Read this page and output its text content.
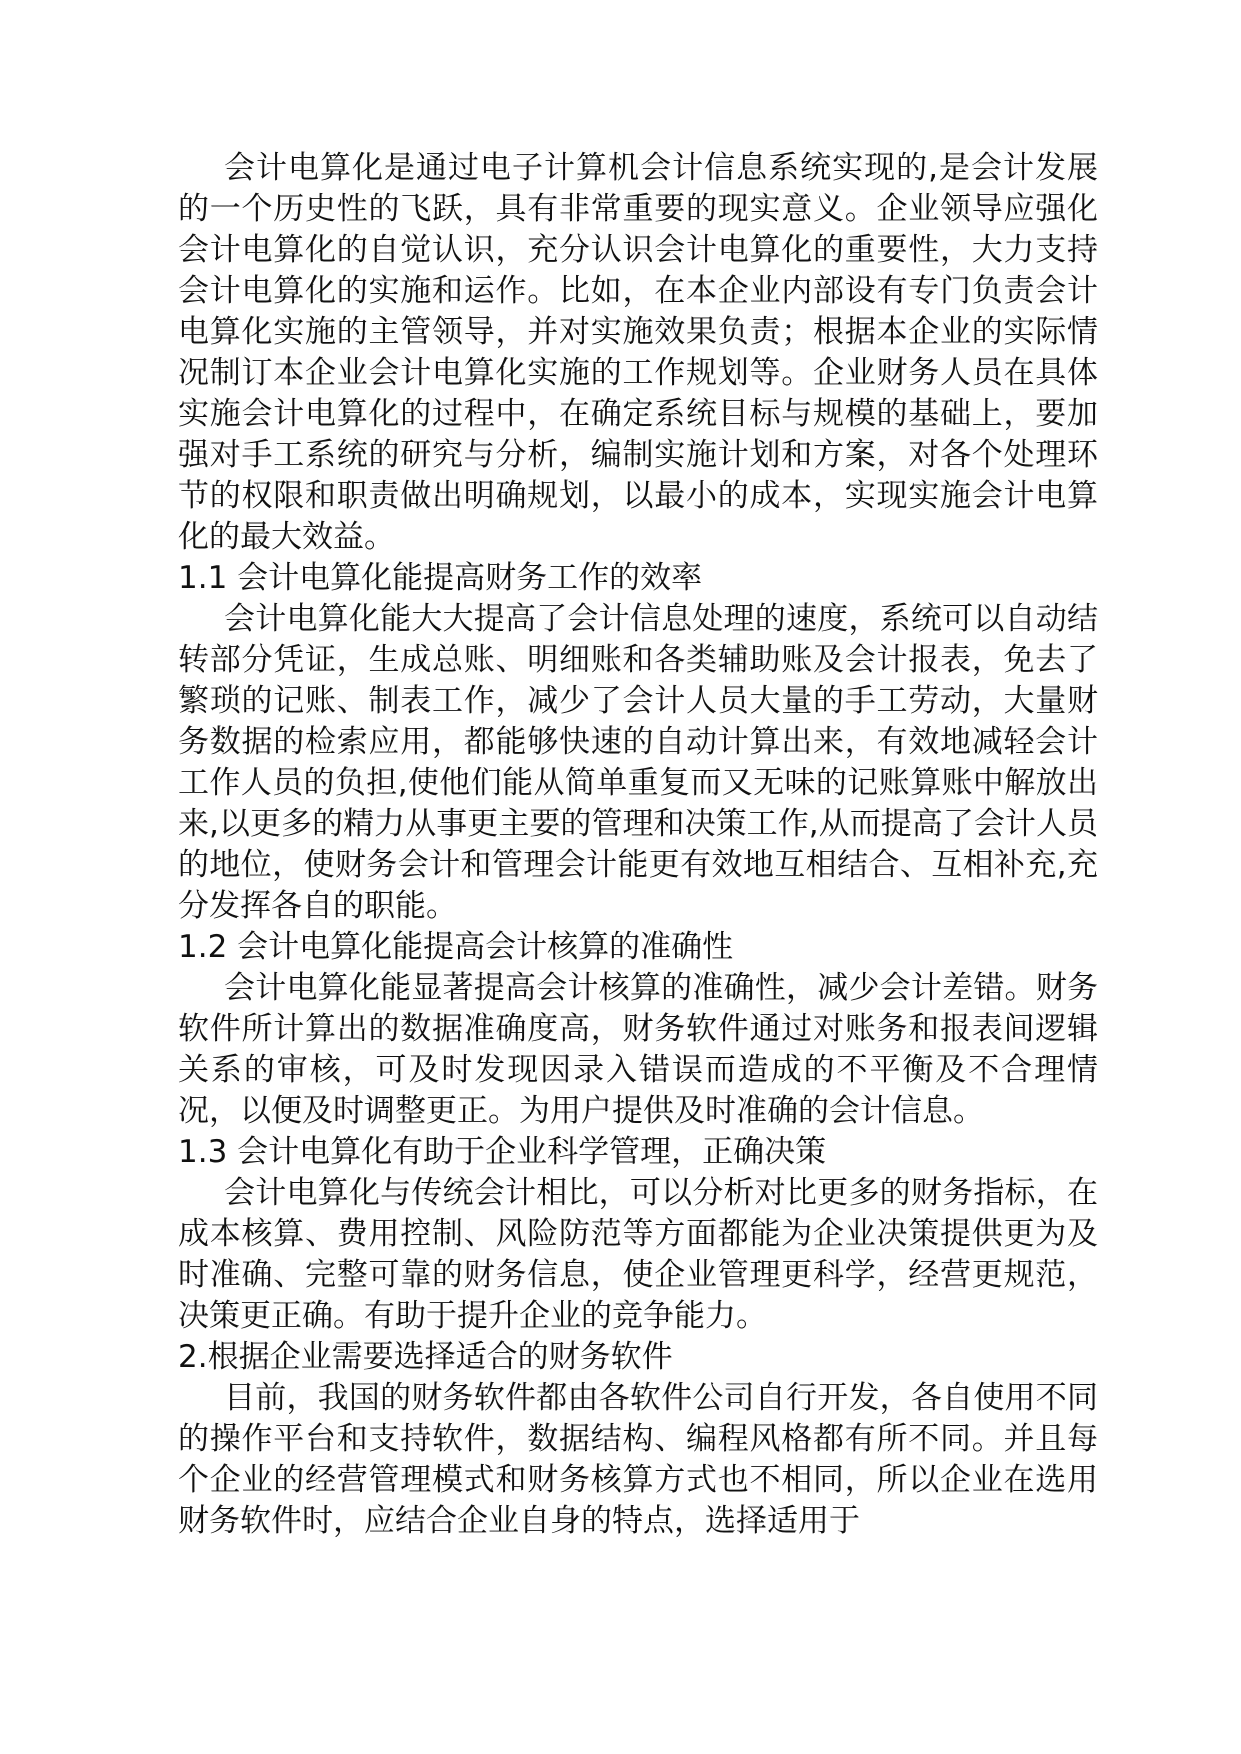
会计电算化是通过电子计算机会计信息系统实现的,是会计发展的一个历史性的飞跃，具有非常重要的现实意义。企业领导应强化会计电算化的自觉认识，充分认识会计电算化的重要性，大力支持会计电算化的实施和运作。比如，在本企业内部设有专门负责会计电算化实施的主管领导，并对实施效果负责；根据本企业的实际情况制订本企业会计电算化实施的工作规划等。企业财务人员在具体实施会计电算化的过程中，在确定系统目标与规模的基础上，要加强对手工系统的研究与分析，编制实施计划和方案，对各个处理环节的权限和职责做出明确规划，以最小的成本，实现实施会计电算化的最大效益。

1.1 会计电算化能提高财务工作的效率

会计电算化能大大提高了会计信息处理的速度，系统可以自动结转部分凭证，生成总账、明细账和各类辅助账及会计报表，免去了繁琐的记账、制表工作，减少了会计人员大量的手工劳动，大量财务数据的检索应用，都能够快速的自动计算出来，有效地减轻会计工作人员的负担,使他们能从简单重复而又无味的记账算账中解放出来,以更多的精力从事更主要的管理和决策工作,从而提高了会计人员的地位，使财务会计和管理会计能更有效地互相结合、互相补充,充分发挥各自的职能。

1.2 会计电算化能提高会计核算的准确性

会计电算化能显著提高会计核算的准确性，减少会计差错。财务软件所计算出的数据准确度高，财务软件通过对账务和报表间逻辑关系的审核，可及时发现因录入错误而造成的不平衡及不合理情况，以便及时调整更正。为用户提供及时准确的会计信息。

1.3 会计电算化有助于企业科学管理，正确决策

会计电算化与传统会计相比，可以分析对比更多的财务指标，在成本核算、费用控制、风险防范等方面都能为企业决策提供更为及时准确、完整可靠的财务信息，使企业管理更科学，经营更规范，决策更正确。有助于提升企业的竞争能力。

2.根据企业需要选择适合的财务软件

目前，我国的财务软件都由各软件公司自行开发，各自使用不同的操作平台和支持软件，数据结构、编程风格都有所不同。并且每个企业的经营管理模式和财务核算方式也不相同，所以企业在选用财务软件时，应结合企业自身的特点，选择适用于
